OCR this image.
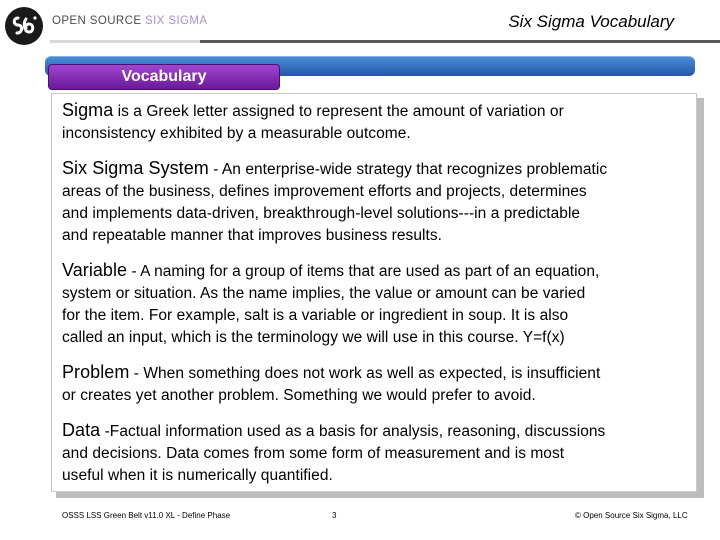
OPEN SOURCE SIX SIGMA	Six Sigma Vocabulary
Vocabulary
Sigma is a Greek letter assigned to represent the amount of variation or
inconsistency exhibited by a measurable outcome.
Six Sigma System - An enterprise-wide strategy that recognizes problematic
areas of the business, defines improvement efforts and projects, determines
and implements data-driven, breakthrough-level solutions---in a predictable
and repeatable manner that improves business results.
Variable - A naming for a group of items that are used as part of an equation,
system or situation. As the name implies, the value or amount can be varied
for the item. For example, salt is a variable or ingredient in soup. It is also
called an input, which is the terminology we will use in this course. Y=f(x)
Problem - When something does not work as well as expected, is insufficient
or creates yet another problem. Something we would prefer to avoid.
Data -Factual information used as a basis for analysis, reasoning, discussions
and decisions. Data comes from some form of measurement and is most
useful when it is numerically quantified.
OSSS LSS Green Belt v11.0 XL - Define Phase	3	© Open Source Six Sigma, LLC
